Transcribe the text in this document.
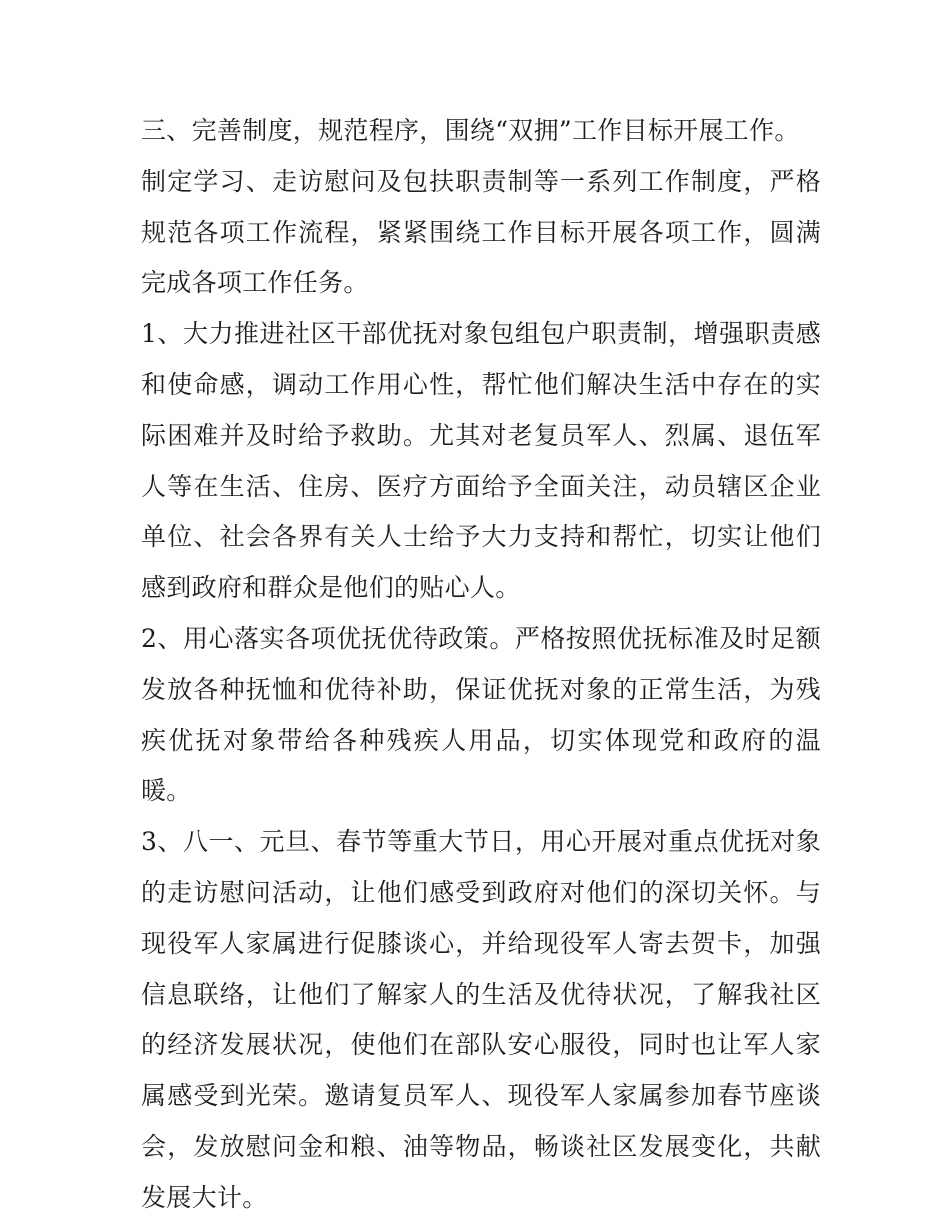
三、完善制度，规范程序，围绕“双拥”工作目标开展工作。

制定学习、走访慰问及包扶职责制等一系列工作制度，严格规范各项工作流程，紧紧围绕工作目标开展各项工作，圆满完成各项工作任务。

1、大力推进社区干部优抚对象包组包户职责制，增强职责感和使命感，调动工作用心性，帮忙他们解决生活中存在的实际困难并及时给予救助。尤其对老复员军人、烈属、退伍军人等在生活、住房、医疗方面给予全面关注，动员辖区企业单位、社会各界有关人士给予大力支持和帮忙，切实让他们感到政府和群众是他们的贴心人。

2、用心落实各项优抚优待政策。严格按照优抚标准及时足额发放各种抚恤和优待补助，保证优抚对象的正常生活，为残疾优抚对象带给各种残疾人用品，切实体现党和政府的温暖。

3、八一、元旦、春节等重大节日，用心开展对重点优抚对象的走访慰问活动，让他们感受到政府对他们的深切关怀。与现役军人家属进行促膝谈心，并给现役军人寄去贺卡，加强信息联络，让他们了解家人的生活及优待状况，了解我社区的经济发展状况，使他们在部队安心服役，同时也让军人家属感受到光荣。邀请复员军人、现役军人家属参加春节座谈会，发放慰问金和粮、油等物品，畅谈社区发展变化，共献发展大计。
